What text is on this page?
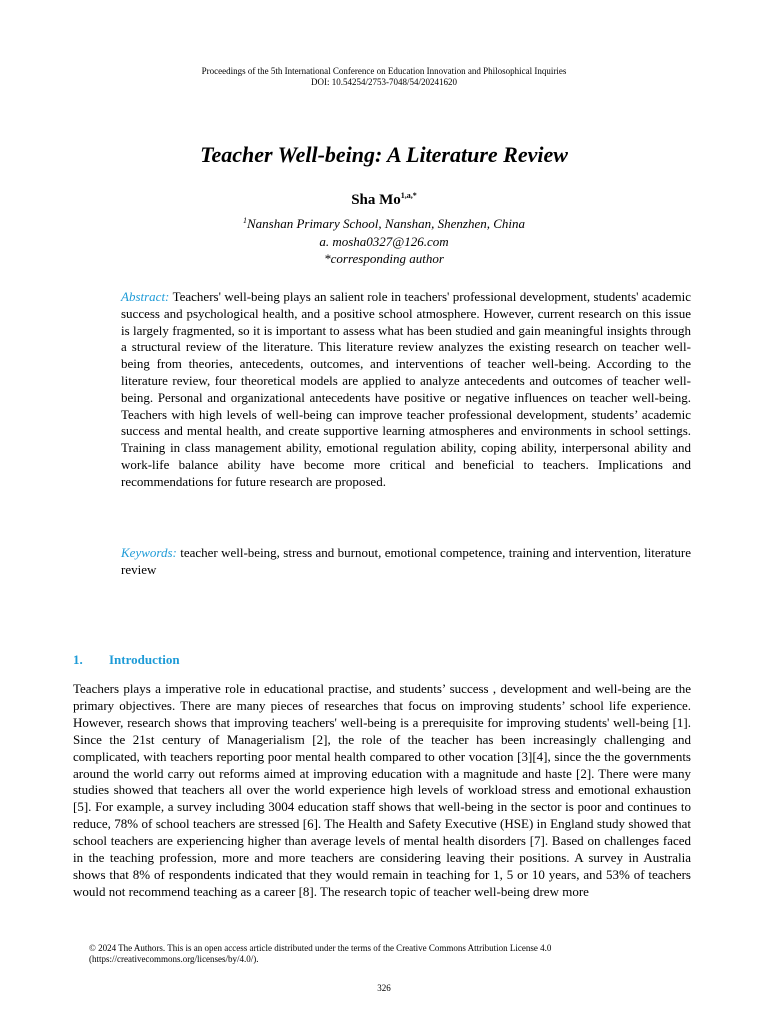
Proceedings of the 5th International Conference on Education Innovation and Philosophical Inquiries
DOI: 10.54254/2753-7048/54/20241620
Teacher Well-being: A Literature Review
Sha $Mo^{1,a,*}$
$^1$Nanshan Primary School, Nanshan, Shenzhen, China
a. mosha0327@126.com
*corresponding author
Abstract: Teachers' well-being plays an salient role in teachers' professional development, students' academic success and psychological health, and a positive school atmosphere. However, current research on this issue is largely fragmented, so it is important to assess what has been studied and gain meaningful insights through a structural review of the literature. This literature review analyzes the existing research on teacher well-being from theories, antecedents, outcomes, and interventions of teacher well-being. According to the literature review, four theoretical models are applied to analyze antecedents and outcomes of teacher well-being. Personal and organizational antecedents have positive or negative influences on teacher well-being. Teachers with high levels of well-being can improve teacher professional development, students’ academic success and mental health, and create supportive learning atmospheres and environments in school settings. Training in class management ability, emotional regulation ability, coping ability, interpersonal ability and work-life balance ability have become more critical and beneficial to teachers. Implications and recommendations for future research are proposed.
Keywords: teacher well-being, stress and burnout, emotional competence, training and intervention, literature review
1. Introduction
Teachers plays a imperative role in educational practise, and students’ success , development and well-being are the primary objectives. There are many pieces of researches that focus on improving students’ school life experience. However, research shows that improving teachers' well-being is a prerequisite for improving students' well-being [1]. Since the 21st century of Managerialism [2], the role of the teacher has been increasingly challenging and complicated, with teachers reporting poor mental health compared to other vocation [3][4], since the the governments around the world carry out reforms aimed at improving education with a magnitude and haste [2]. There were many studies showed that teachers all over the world experience high levels of workload stress and emotional exhaustion [5]. For example, a survey including 3004 education staff shows that well-being in the sector is poor and continues to reduce, 78% of school teachers are stressed [6]. The Health and Safety Executive (HSE) in England study showed that school teachers are experiencing higher than average levels of mental health disorders [7]. Based on challenges faced in the teaching profession, more and more teachers are considering leaving their positions. A survey in Australia shows that 8% of respondents indicated that they would remain in teaching for 1, 5 or 10 years, and 53% of teachers would not recommend teaching as a career [8]. The research topic of teacher well-being drew more
© 2024 The Authors. This is an open access article distributed under the terms of the Creative Commons Attribution License 4.0
(https://creativecommons.org/licenses/by/4.0/).
326
